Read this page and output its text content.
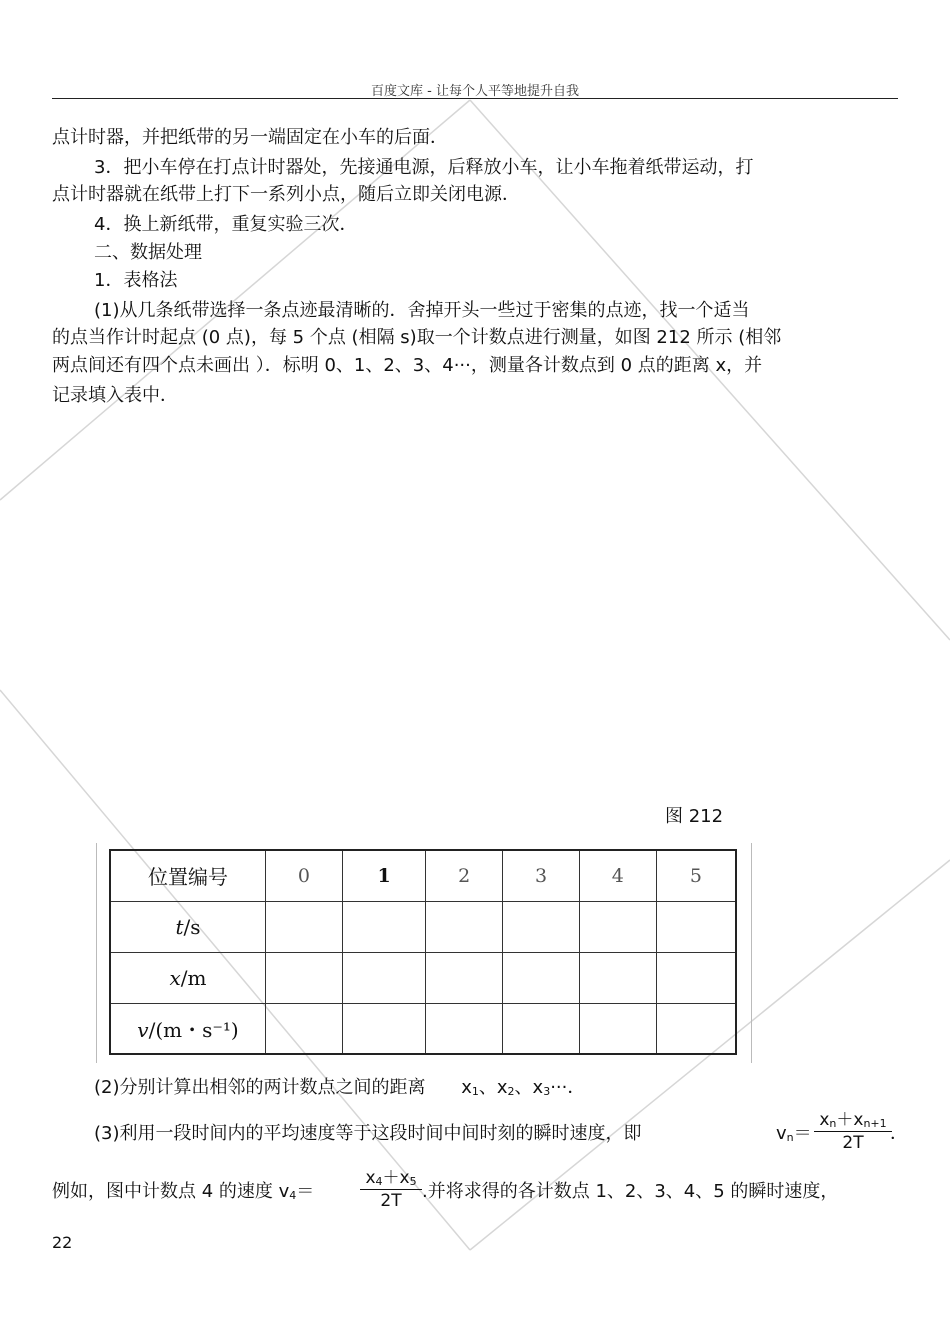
百度文库 - 让每个人平等地提升自我
点计时器，并把纸带的另一端固定在小车的后面．
3．把小车停在打点计时器处，先接通电源，后释放小车，让小车拖着纸带运动，打
点计时器就在纸带上打下一系列小点，随后立即关闭电源．
4．换上新纸带，重复实验三次．
二、数据处理
1．表格法
(1)从几条纸带选择一条点迹最清晰的．舍掉开头一些过于密集的点迹，找一个适当
的点当作计时起点 (0 点)，每 5 个点 (相隔 s)取一个计数点进行测量，如图 212 所示 (相邻
两点间还有四个点未画出 ）．标明 0、1、2、3、4···，测量各计数点到 0 点的距离 x，并
记录填入表中．
图 212
位置编号	0	1	2	3	4	5
t/s						
x/m						
v/(m・s⁻¹)						
(2)分别计算出相邻的两计数点之间的距离 $x_1$、$x_2$、$x_3\cdot\cdot\cdot$．
(3)利用一段时间内的平均速度等于这段时间中间时刻的瞬时速度，即	$v_n=$
$x_n+x_{n+1}$
2T	．
例如，图中计数点 4 的速度 $v_4=$
$x_4+x_5$
2T	.并将求得的各计数点 1、2、3、4、5 的瞬时速度，
22
